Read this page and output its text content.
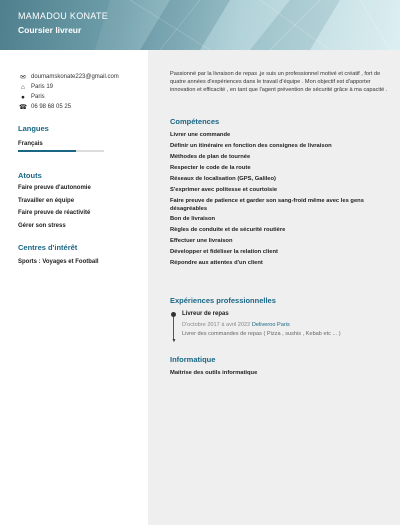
MAMADOU KONATE
Coursier livreur
✉ doumamskonate223@gmail.com
⌂	Paris 19
●	Paris
☎ 06 98 68 05 25
Langues
Français
Atouts
Faire preuve d'autonomie
Travailler en équipe
Faire preuve de réactivité
Gérer son stress
Centres d'intérêt
Sports : Voyages et Football
Passionné par la livraison de repas ,je suis un professionnel motivé et créatif , fort de quatre années d'expériences dans le travail d'équipe . Mon objectif est d'apporter innovation et efficacité , en tant que l'agent prévention de sécurité grâce à ma capacité .
Compétences
Livrer une commande
Définir un itinéraire en fonction des consignes de livraison
Méthodes de plan de tournée
Respecter le code de la route
Réseaux de localisation (GPS, Galileo)
S'exprimer avec politesse et courtoisie
Faire preuve de patience et garder son sang-froid même avec les gens désagréables
Bon de livraison
Règles de conduite et de sécurité routière
Effectuer une livraison
Développer et fidéliser la relation client
Répondre aux attentes d'un client
Expériences professionnelles
▼
Livreur de repas
D'octobre 2017 à avril 2022 Deliveroo Paris
Livrer des commandes de repas ( Pizza , sushis , Kebab etc ... )
Informatique
Maitrise des outils informatique
